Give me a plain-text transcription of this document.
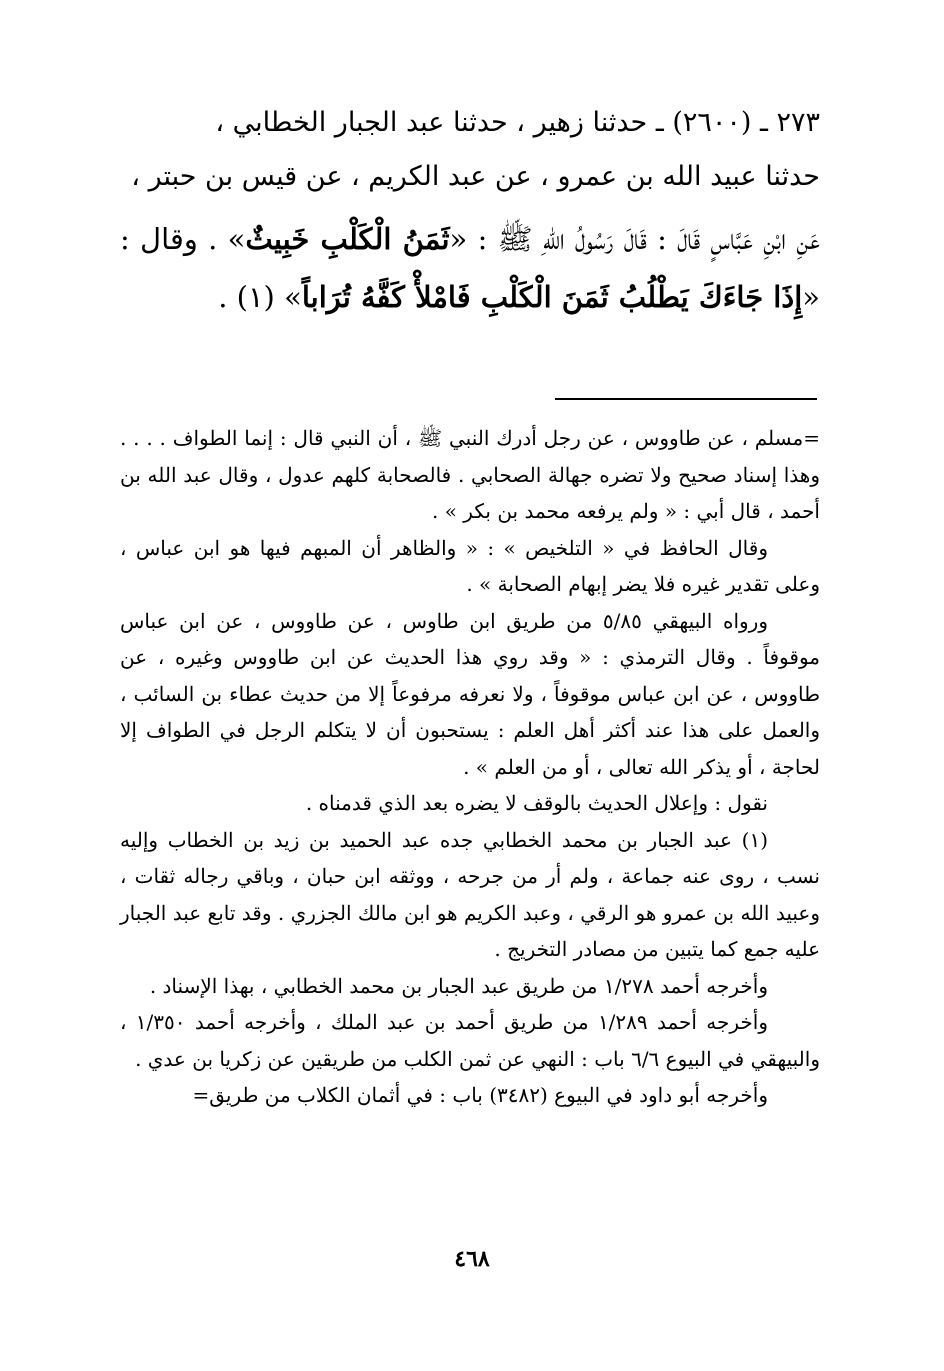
٢٧٣ ـ (٢٦٠٠) ـ حدثنا زهير ، حدثنا عبد الجبار الخطابي ،

حدثنا عبيد الله بن عمرو ، عن عبد الكريم ، عن قيس بن حبتر ،

عَنِ ابْنِ عَبَّاسٍ قَالَ : قَالَ رَسُولُ اللهِ ﷺ : «ثَمَنُ الْكَلْبِ خَبِيثٌ» . وقال : «إِذَا جَاءَكَ يَطْلُبُ ثَمَنَ الْكَلْبِ فَامْلأْ كَفَّهُ تُرَاباً» (١) .

=مسلم ، عن طاووس ، عن رجل أدرك النبي ﷺ ، أن النبي قال : إنما الطواف . . . . وهذا إسناد صحيح ولا تضره جهالة الصحابي . فالصحابة كلهم عدول ، وقال عبد الله بن أحمد ، قال أبي : « ولم يرفعه محمد بن بكر » .

وقال الحافظ في « التلخيص » : « والظاهر أن المبهم فيها هو ابن عباس ، وعلى تقدير غيره فلا يضر إبهام الصحابة » .

ورواه البيهقي ٥/٨٥ من طريق ابن طاوس ، عن طاووس ، عن ابن عباس موقوفاً . وقال الترمذي : « وقد روي هذا الحديث عن ابن طاووس وغيره ، عن طاووس ، عن ابن عباس موقوفاً ، ولا نعرفه مرفوعاً إلا من حديث عطاء بن السائب ، والعمل على هذا عند أكثر أهل العلم : يستحبون أن لا يتكلم الرجل في الطواف إلا لحاجة ، أو يذكر الله تعالى ، أو من العلم » .

نقول : وإعلال الحديث بالوقف لا يضره بعد الذي قدمناه .

(١) عبد الجبار بن محمد الخطابي جده عبد الحميد بن زيد بن الخطاب وإليه نسب ، روى عنه جماعة ، ولم أر من جرحه ، ووثقه ابن حبان ، وباقي رجاله ثقات ، وعبيد الله بن عمرو هو الرقي ، وعبد الكريم هو ابن مالك الجزري . وقد تابع عبد الجبار عليه جمع كما يتبين من مصادر التخريج .

وأخرجه أحمد ١/٢٧٨ من طريق عبد الجبار بن محمد الخطابي ، بهذا الإسناد .

وأخرجه أحمد ١/٢٨٩ من طريق أحمد بن عبد الملك ، وأخرجه أحمد ١/٣٥٠ ، والبيهقي في البيوع ٦/٦ باب : النهي عن ثمن الكلب من طريقين عن زكريا بن عدي .

وأخرجه أبو داود في البيوع (٣٤٨٢) باب : في أثمان الكلاب من طريق=

٤٦٨
